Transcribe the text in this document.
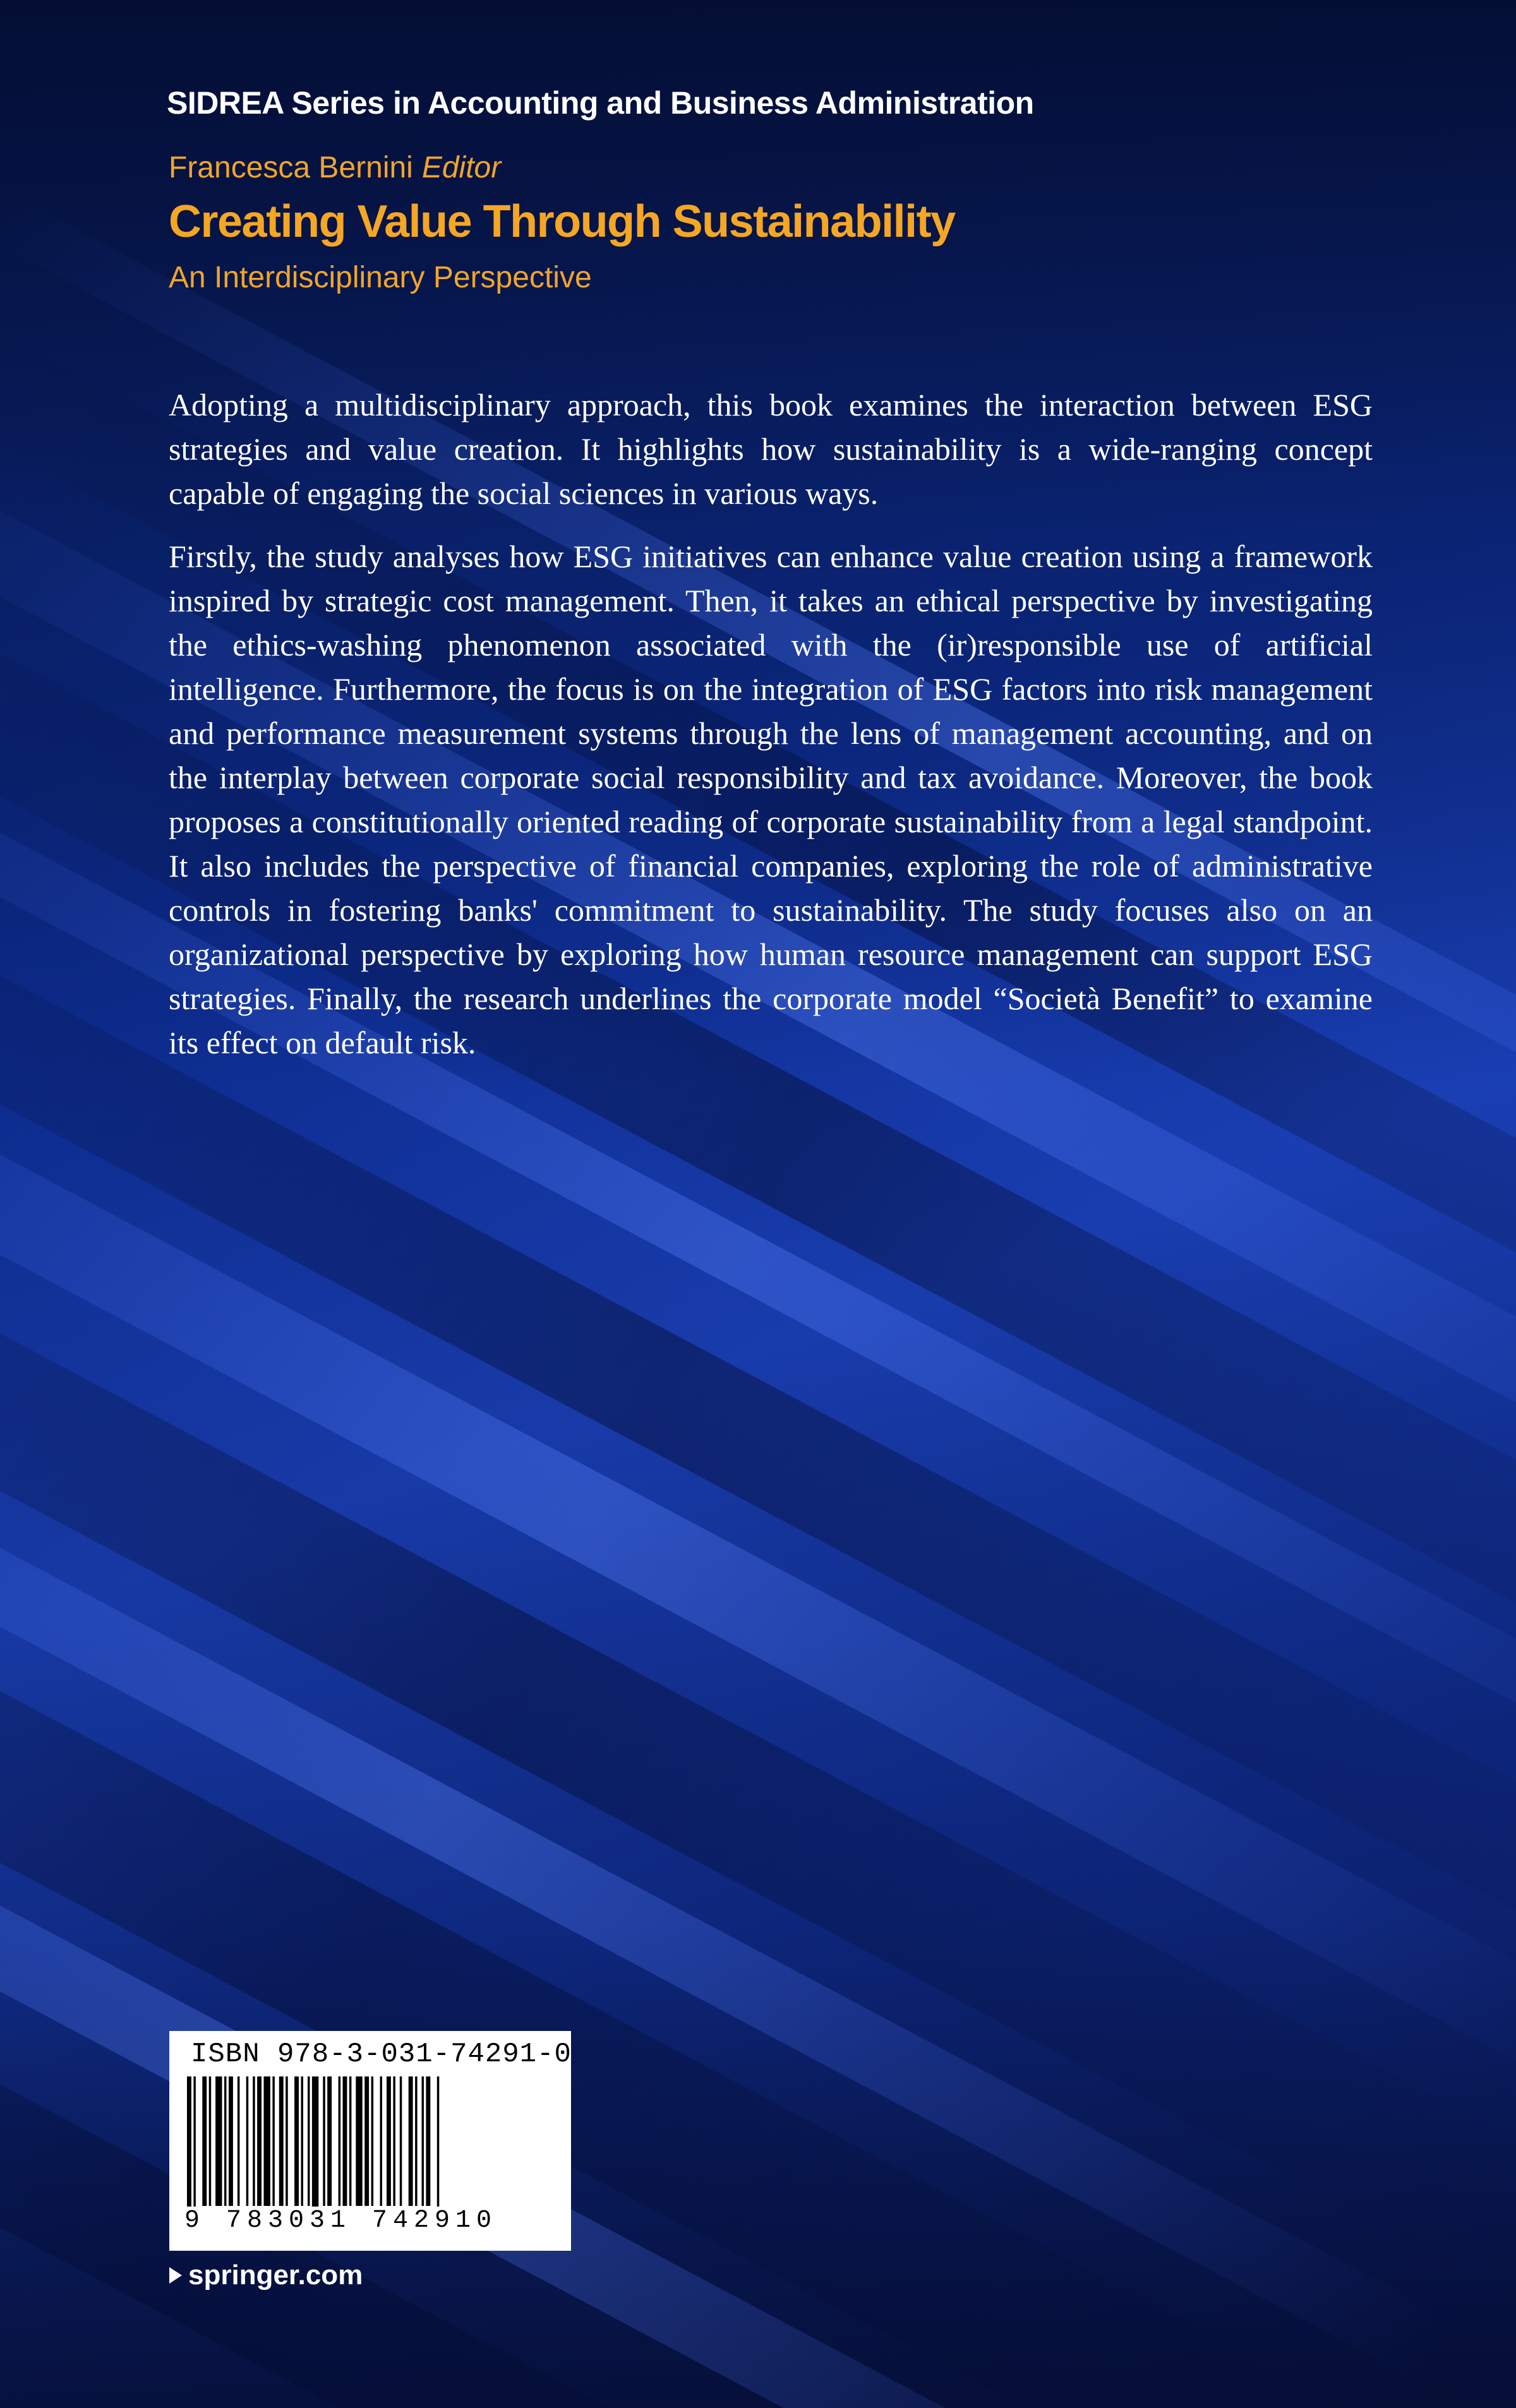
SIDREA Series in Accounting and Business Administration
Francesca Bernini Editor
Creating Value Through Sustainability
An Interdisciplinary Perspective

Adopting a multidisciplinary approach, this book examines the interaction between ESG strategies and value creation. It highlights how sustainability is a wide-ranging concept capable of engaging the social sciences in various ways.

Firstly, the study analyses how ESG initiatives can enhance value creation using a framework inspired by strategic cost management. Then, it takes an ethical perspective by investigating the ethics-washing phenomenon associated with the (ir)responsible use of artificial intelligence. Furthermore, the focus is on the integration of ESG factors into risk management and performance measurement systems through the lens of management accounting, and on the interplay between corporate social responsibility and tax avoidance. Moreover, the book proposes a constitutionally oriented reading of corporate sustainability from a legal standpoint. It also includes the perspective of financial companies, exploring the role of administrative controls in fostering banks' commitment to sustainability. The study focuses also on an organizational perspective by exploring how human resource management can support ESG strategies. Finally, the research underlines the corporate model “Società Benefit” to examine its effect on default risk.

ISBN 978-3-031-74291-0
9 783031 742910
springer.com
